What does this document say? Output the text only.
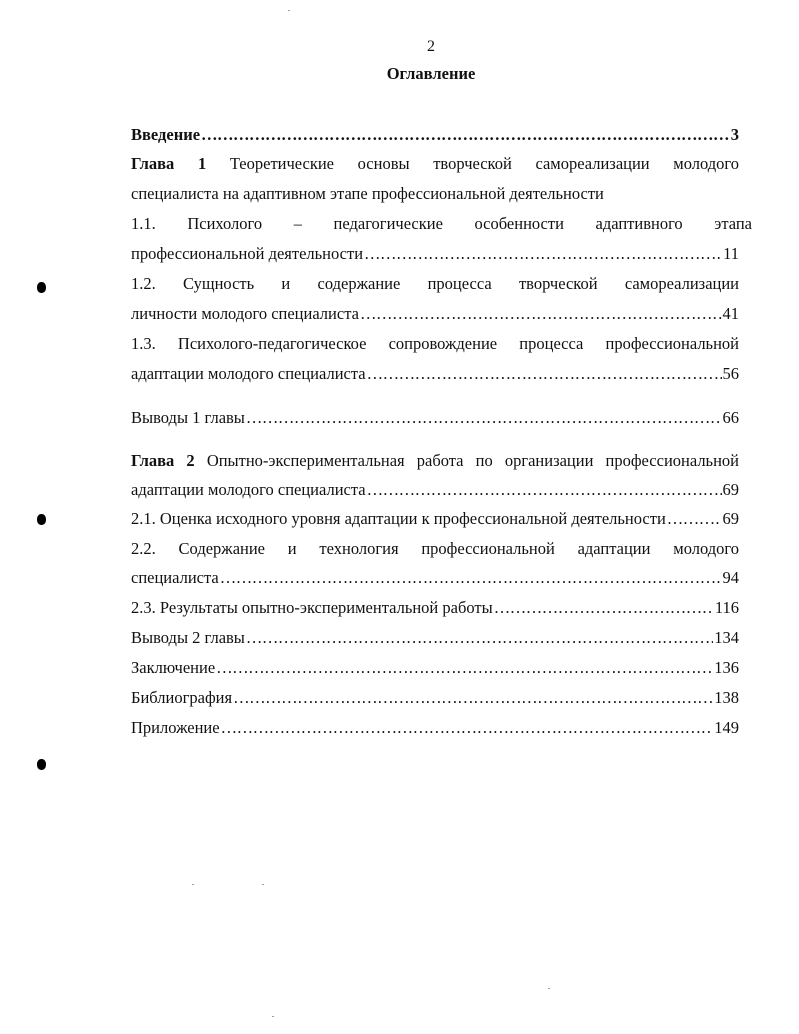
2
Оглавление
Введение ……………………………………………………………………………………………………………………………………………………………	3
Глава 1 Теоретические основы творческой самореализации молодого
специалиста на адаптивном этапе профессиональной деятельности
1.1. Психолого – педагогические особенности адаптивного этапа
профессиональной деятельности ……………………………………………………………………………………………………………………………………………………………	11
1.2. Сущность и содержание процесса творческой самореализации
личности молодого специалиста ……………………………………………………………………………………………………………………………………………………………	41
1.3. Психолого-педагогическое сопровождение процесса профессиональной
адаптации молодого специалиста ……………………………………………………………………………………………………………………………………………………………	56
Выводы 1 главы ……………………………………………………………………………………………………………………………………………………………	66
Глава 2 Опытно-экспериментальная работа по организации профессиональной
адаптации молодого специалиста ……………………………………………………………………………………………………………………………………………………………	69
2.1. Оценка исходного уровня адаптации к профессиональной деятельности ……………………………………………………………………………………………………………………………………………………………	69
2.2. Содержание и технология профессиональной адаптации молодого
специалиста ……………………………………………………………………………………………………………………………………………………………	94
2.3. Результаты опытно-экспериментальной работы ……………………………………………………………………………………………………………………………………………………………	116
Выводы 2 главы ……………………………………………………………………………………………………………………………………………………………	134
Заключение ……………………………………………………………………………………………………………………………………………………………	136
Библиография ……………………………………………………………………………………………………………………………………………………………	138
Приложение ……………………………………………………………………………………………………………………………………………………………	149
